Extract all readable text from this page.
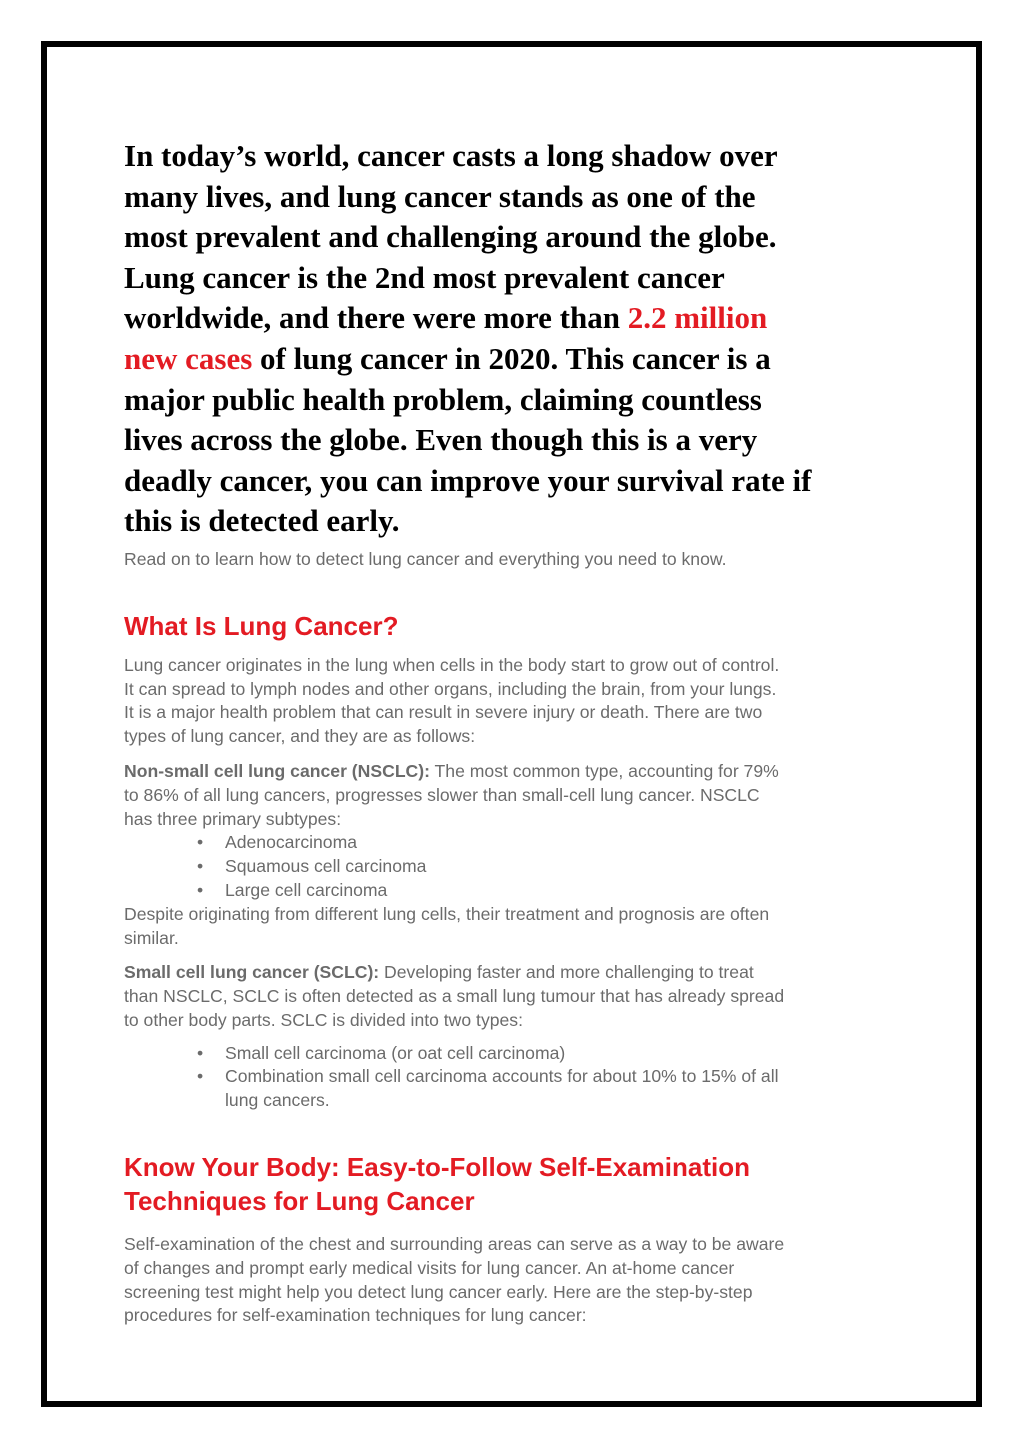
In today’s world, cancer casts a long shadow over
many lives, and lung cancer stands as one of the
most prevalent and challenging around the globe.
Lung cancer is the 2nd most prevalent cancer
worldwide, and there were more than 2.2 million
new cases of lung cancer in 2020. This cancer is a
major public health problem, claiming countless
lives across the globe. Even though this is a very
deadly cancer, you can improve your survival rate if
this is detected early.

Read on to learn how to detect lung cancer and everything you need to know.

What Is Lung Cancer?

Lung cancer originates in the lung when cells in the body start to grow out of control.
It can spread to lymph nodes and other organs, including the brain, from your lungs.
It is a major health problem that can result in severe injury or death. There are two
types of lung cancer, and they are as follows:

Non-small cell lung cancer (NSCLC): The most common type, accounting for 79%
to 86% of all lung cancers, progresses slower than small-cell lung cancer. NSCLC
has three primary subtypes:

• Adenocarcinoma
• Squamous cell carcinoma
• Large cell carcinoma

Despite originating from different lung cells, their treatment and prognosis are often
similar.

Small cell lung cancer (SCLC): Developing faster and more challenging to treat
than NSCLC, SCLC is often detected as a small lung tumour that has already spread
to other body parts. SCLC is divided into two types:

• Small cell carcinoma (or oat cell carcinoma)
• Combination small cell carcinoma accounts for about 10% to 15% of all
lung cancers.
Know Your Body: Easy-to-Follow Self-Examination
Techniques for Lung Cancer

Self-examination of the chest and surrounding areas can serve as a way to be aware
of changes and prompt early medical visits for lung cancer. An at-home cancer
screening test might help you detect lung cancer early. Here are the step-by-step
procedures for self-examination techniques for lung cancer:
